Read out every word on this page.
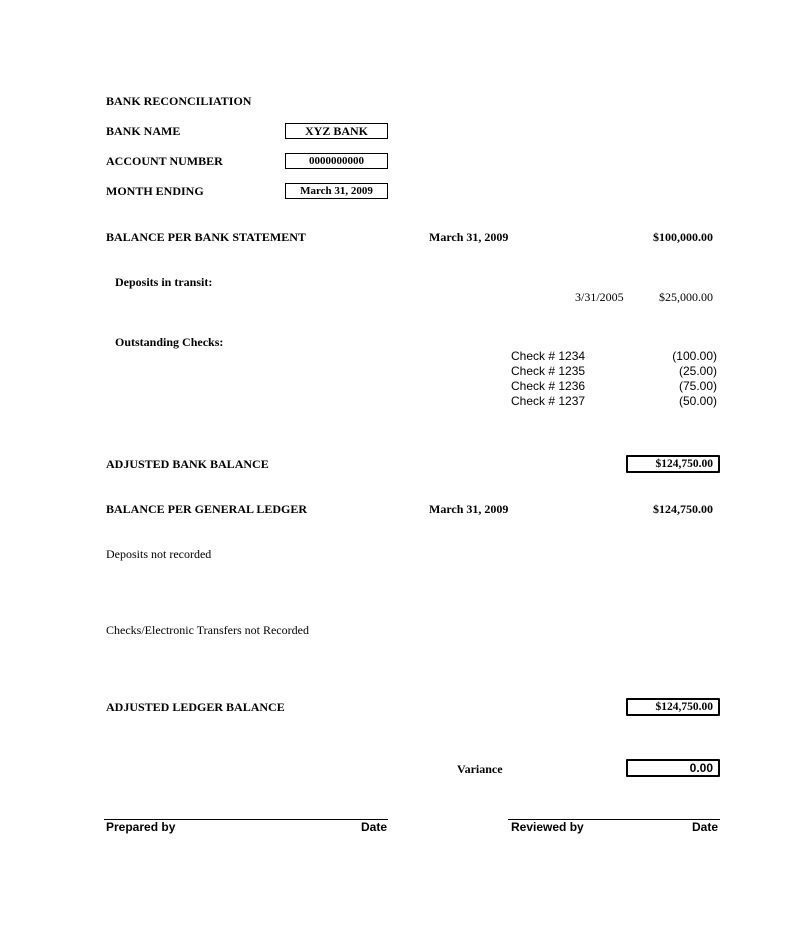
BANK RECONCILIATION
BANK NAME	XYZ BANK
ACCOUNT NUMBER	0000000000
MONTH ENDING	March 31, 2009
BALANCE PER BANK STATEMENT	March 31, 2009	$100,000.00
Deposits in transit:
3/31/2005	$25,000.00
Outstanding Checks:
Check # 1234	(100.00)
Check # 1235	(25.00)
Check # 1236	(75.00)
Check # 1237	(50.00)
ADJUSTED BANK BALANCE	$124,750.00
BALANCE PER GENERAL LEDGER	March 31, 2009	$124,750.00
Deposits not recorded
Checks/Electronic Transfers not Recorded
ADJUSTED LEDGER BALANCE	$124,750.00
Variance	0.00
Prepared by	Date	Reviewed by	Date
